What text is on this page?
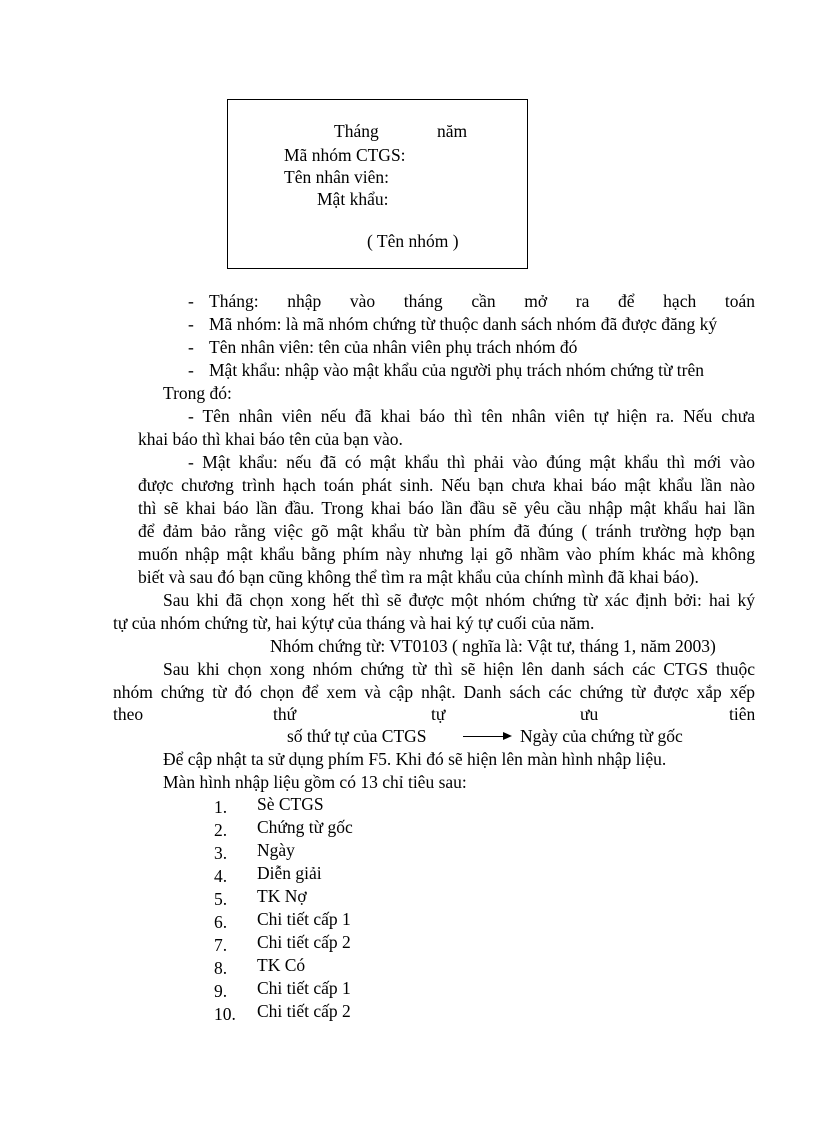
Tháng	năm
Mã nhóm CTGS:
Tên nhân viên:
Mật khẩu:
( Tên nhóm )
- Tháng: nhập vào tháng cần mở ra để hạch toán
- Mã nhóm: là mã nhóm chứng từ thuộc danh sách nhóm đã được đăng ký
- Tên nhân viên: tên của nhân viên phụ trách nhóm đó
- Mật khẩu: nhập vào mật khẩu của người phụ trách nhóm chứng từ trên
Trong đó:
- Tên nhân viên nếu đã khai báo thì tên nhân viên tự hiện ra. Nếu chưa
khai báo thì khai báo tên của bạn vào.
- Mật khẩu: nếu đã có mật khẩu thì phải vào đúng mật khẩu thì mới vào
được chương trình hạch toán phát sinh. Nếu bạn chưa khai báo mật khẩu lần nào
thì sẽ khai báo lần đầu. Trong khai báo lần đầu sẽ yêu cầu nhập mật khẩu hai lần
để đảm bảo rằng việc gõ mật khẩu từ bàn phím đã đúng ( tránh trường hợp bạn
muốn nhập mật khẩu bằng phím này nhưng lại gõ nhầm vào phím khác mà không
biết và sau đó bạn cũng không thể tìm ra mật khẩu của chính mình đã khai báo).
Sau khi đã chọn xong hết thì sẽ được một nhóm chứng từ xác định bởi: hai ký
tự của nhóm chứng từ, hai kýtự của tháng và hai ký tự cuối của năm.
Nhóm chứng từ: VT0103 ( nghĩa là: Vật tư, tháng 1, năm 2003)
Sau khi chọn xong nhóm chứng từ thì sẽ hiện lên danh sách các CTGS thuộc
nhóm chứng từ đó chọn để xem và cập nhật. Danh sách các chứng từ được xắp xếp
theo	thứ	tự	ưu	tiên
số thứ tự của CTGS	Ngày của chứng từ gốc
Để cập nhật ta sử dụng phím F5. Khi đó sẽ hiện lên màn hình nhập liệu.
Màn hình nhập liệu gồm có 13 chỉ tiêu sau:
1. Sè CTGS
2. Chứng từ gốc
3. Ngày
4. Diễn giải
5. TK Nợ
6. Chi tiết cấp 1
7. Chi tiết cấp 2
8. TK Có
9. Chi tiết cấp 1
10. Chi tiết cấp 2
